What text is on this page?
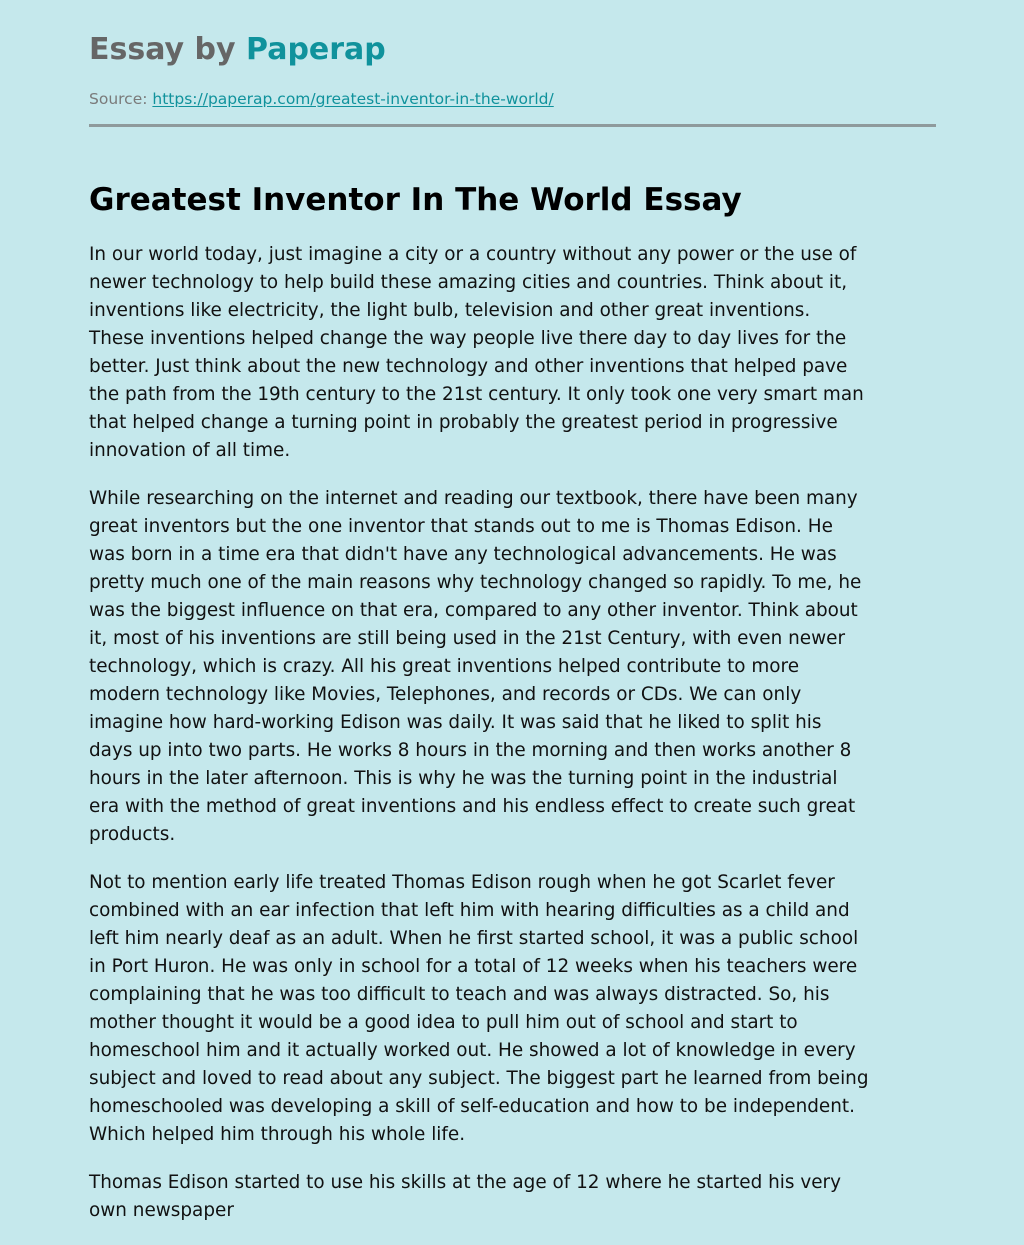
Essay by Paperap
Source: https://paperap.com/greatest-inventor-in-the-world/
Greatest Inventor In The World Essay

In our world today, just imagine a city or a country without any power or the use of
newer technology to help build these amazing cities and countries. Think about it,
inventions like electricity, the light bulb, television and other great inventions.
These inventions helped change the way people live there day to day lives for the
better. Just think about the new technology and other inventions that helped pave
the path from the 19th century to the 21st century. It only took one very smart man
that helped change a turning point in probably the greatest period in progressive
innovation of all time.

While researching on the internet and reading our textbook, there have been many
great inventors but the one inventor that stands out to me is Thomas Edison. He
was born in a time era that didn't have any technological advancements. He was
pretty much one of the main reasons why technology changed so rapidly. To me, he
was the biggest influence on that era, compared to any other inventor. Think about
it, most of his inventions are still being used in the 21st Century, with even newer
technology, which is crazy. All his great inventions helped contribute to more
modern technology like Movies, Telephones, and records or CDs. We can only
imagine how hard-working Edison was daily. It was said that he liked to split his
days up into two parts. He works 8 hours in the morning and then works another 8
hours in the later afternoon. This is why he was the turning point in the industrial
era with the method of great inventions and his endless effect to create such great
products.

Not to mention early life treated Thomas Edison rough when he got Scarlet fever
combined with an ear infection that left him with hearing difficulties as a child and
left him nearly deaf as an adult. When he first started school, it was a public school
in Port Huron. He was only in school for a total of 12 weeks when his teachers were
complaining that he was too difficult to teach and was always distracted. So, his
mother thought it would be a good idea to pull him out of school and start to
homeschool him and it actually worked out. He showed a lot of knowledge in every
subject and loved to read about any subject. The biggest part he learned from being
homeschooled was developing a skill of self-education and how to be independent.
Which helped him through his whole life.

Thomas Edison started to use his skills at the age of 12 where he started his very
own newspaper
